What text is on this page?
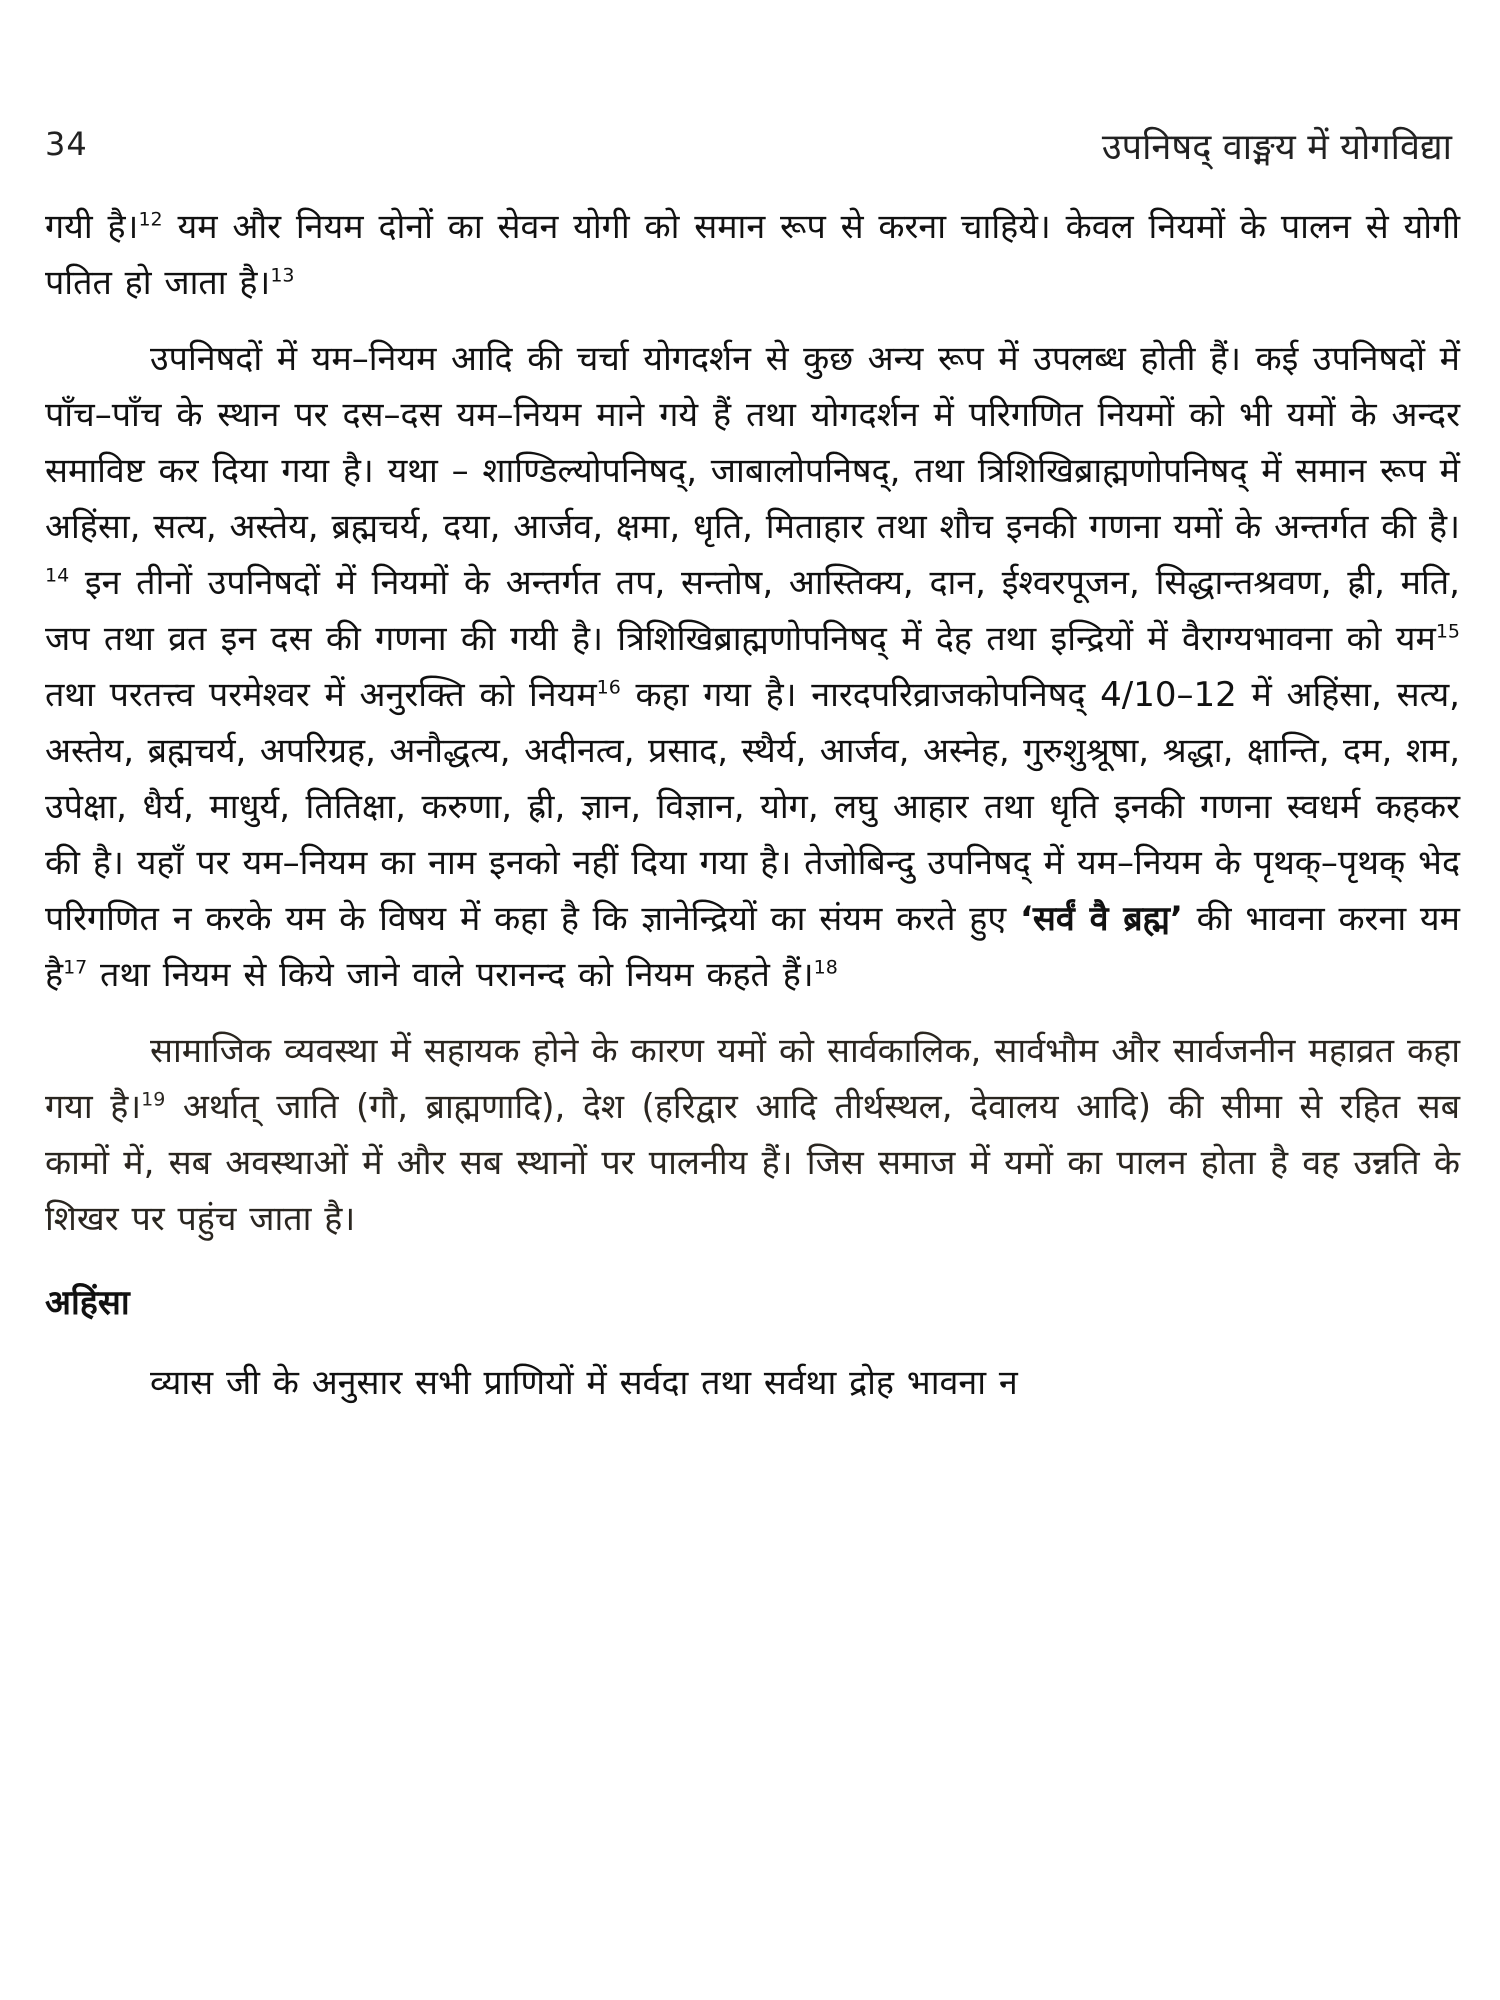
34	उपनिषद् वाङ्मय में योगविद्या

गयी है।$^{12}$ यम और नियम दोनों का सेवन योगी को समान रूप से करना चाहिये। केवल नियमों के पालन से योगी पतित हो जाता है।$^{13}$

उपनिषदों में यम–नियम आदि की चर्चा योगदर्शन से कुछ अन्य रूप में उपलब्ध होती हैं। कई उपनिषदों में पाँच–पाँच के स्थान पर दस–दस यम–नियम माने गये हैं तथा योगदर्शन में परिगणित नियमों को भी यमों के अन्दर समाविष्ट कर दिया गया है। यथा – शाण्डिल्योपनिषद्, जाबालोपनिषद्, तथा त्रिशिखिब्राह्मणोपनिषद् में समान रूप में अहिंसा, सत्य, अस्तेय, ब्रह्मचर्य, दया, आर्जव, क्षमा, धृति, मिताहार तथा शौच इनकी गणना यमों के अन्तर्गत की है।$^{14}$ इन तीनों उपनिषदों में नियमों के अन्तर्गत तप, सन्तोष, आस्तिक्य, दान, ईश्वरपूजन, सिद्धान्तश्रवण, ह्री, मति, जप तथा व्रत इन दस की गणना की गयी है। त्रिशिखिब्राह्मणोपनिषद् में देह तथा इन्द्रियों में वैराग्यभावना को यम$^{15}$ तथा परतत्त्व परमेश्वर में अनुरक्ति को नियम$^{16}$ कहा गया है। नारदपरिव्राजकोपनिषद् 4/10–12 में अहिंसा, सत्य, अस्तेय, ब्रह्मचर्य, अपरिग्रह, अनौद्धत्य, अदीनत्व, प्रसाद, स्थैर्य, आर्जव, अस्नेह, गुरुशुश्रूषा, श्रद्धा, क्षान्ति, दम, शम, उपेक्षा, धैर्य, माधुर्य, तितिक्षा, करुणा, ह्री, ज्ञान, विज्ञान, योग, लघु आहार तथा धृति इनकी गणना स्वधर्म कहकर की है। यहाँ पर यम–नियम का नाम इनको नहीं दिया गया है। तेजोबिन्दु उपनिषद् में यम–नियम के पृथक्–पृथक् भेद परिगणित न करके यम के विषय में कहा है कि ज्ञानेन्द्रियों का संयम करते हुए ‘सर्वं वै ब्रह्म’ की भावना करना यम है$^{17}$ तथा नियम से किये जाने वाले परानन्द को नियम कहते हैं।$^{18}$

सामाजिक व्यवस्था में सहायक होने के कारण यमों को सार्वकालिक, सार्वभौम और सार्वजनीन महाव्रत कहा गया है।$^{19}$ अर्थात् जाति (गौ, ब्राह्मणादि), देश (हरिद्वार आदि तीर्थस्थल, देवालय आदि) की सीमा से रहित सब कामों में, सब अवस्थाओं में और सब स्थानों पर पालनीय हैं। जिस समाज में यमों का पालन होता है वह उन्नति के शिखर पर पहुंच जाता है।

अहिंसा

व्यास जी के अनुसार सभी प्राणियों में सर्वदा तथा सर्वथा द्रोह भावना न
